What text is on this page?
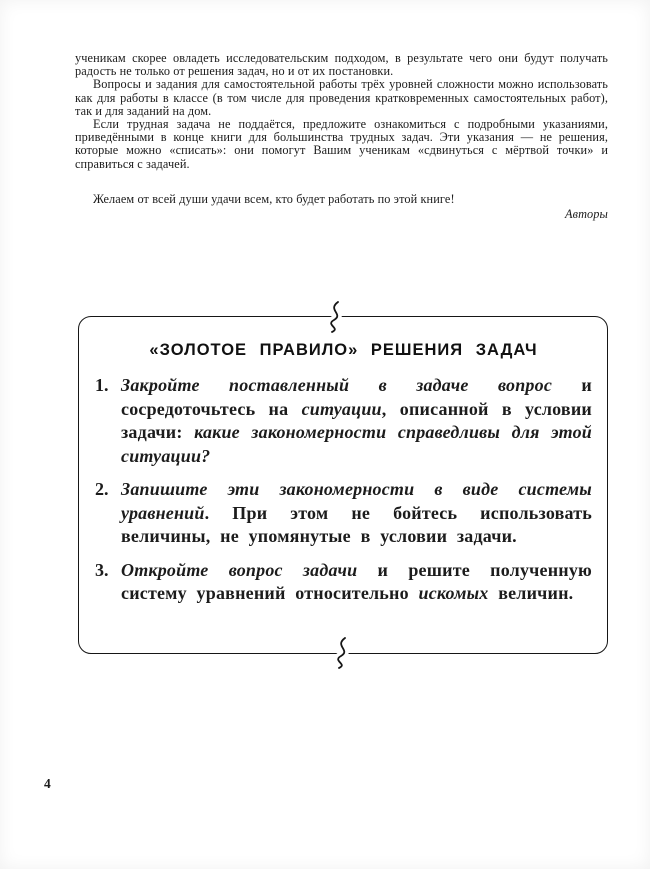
ученикам скорее овладеть исследовательским подходом, в результате чего они будут получать радость не только от решения задач, но и от их постановки.

Вопросы и задания для самостоятельной работы трёх уровней сложности можно использовать как для работы в классе (в том числе для проведения кратковременных самостоятельных работ), так и для заданий на дом.

Если трудная задача не поддаётся, предложите ознакомиться с подробными указаниями, приведёнными в конце книги для большинства трудных задач. Эти указания — не решения, которые можно «списать»: они помогут Вашим ученикам «сдвинуться с мёртвой точки» и справиться с задачей.

Желаем от всей души удачи всем, кто будет работать по этой книге!

Авторы
«ЗОЛОТОЕ ПРАВИЛО» РЕШЕНИЯ ЗАДАЧ
1. Закройте поставленный в задаче вопрос и сосредоточьтесь на ситуации, описанной в условии задачи: какие закономерности справедливы для этой ситуации?
2. Запишите эти закономерности в виде системы уравнений. При этом не бойтесь использовать величины, не упомянутые в условии задачи.
3. Откройте вопрос задачи и решите полученную систему уравнений относительно искомых величин.
4
